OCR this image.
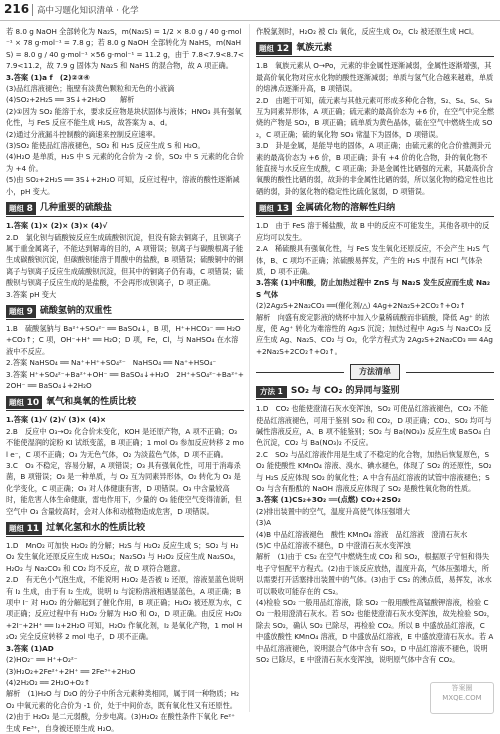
216 高中习题化知识清单 · 化学

若 8.0 g NaOH 全部转化为 Na₂S，m(Na₂S) = 1/2 × 8.0 g / 40 g·mol⁻¹ × 78 g·mol⁻¹ = 7.8 g；若 8.0 g NaOH 全部转化为 NaHS，m(NaHS) = 8.0 g / 40 g·mol⁻¹ ×56 g·mol⁻¹ = 11.2 g，由于 7.8<7.9<8.7<7.9<11.2，故 7.9 g 固体为 Na₂S 和 NaHS 的混合物，故 A 项正确。

3.答案 (1)a f　(2)②③④

(3)品红溶液褪色；瓶壁有淡黄色颗粒和无色的小液滴

(4)SO₂+2H₂S ══ 3S↓+2H₂O　　解析

(2)①因为 SO₂ 能溶于水，要求反应物是块状固体与液体；HNO₃ 具有强氧化性，与 FeS 反应不能生成 H₂S，故答案为 a、d。

(2)通过分液漏斗控制酸的滴速来控制反应速率。

(3)SO₂ 能使品红溶液褪色，SO₂ 和 H₂S 反应生成 S 和 H₂O。

(4)H₂O 是单质，H₂S 中 S 元素的化合价为 -2 价，SO₂ 中 S 元素的化合价为 +4 价。

(5)由 SO₂+2H₂S ══ 3S↓+2H₂O 可知，反应过程中，溶液的酸性逐渐减小，pH 变大。

题组 8 几种重要的硫酸盐

1.答案 (1)× (2)× (3)× (4)√

2.D　氯化钡与硫酸铵反应生成硫酸钡沉淀，但没有除去铜离子，且钡离子属于重金属离子，不能达到解毒的目的，A 项错误；钡离子与碳酸根离子能生成碳酸钡沉淀，但碳酸钡能溶于胃酸中的盐酸，B 项错误；硫酸铜中的铜离子与钡离子反应生成硫酸钡沉淀，但其中的铜离子仍有毒，C 项错误；硫酸钡与钡离子反应生成的是盐酸，不会再形成钡离子，D 项正确。

3.答案 pH 变大

题组 9 硫酸氢钠的双重性

1.B　硫酸氢钠与 Ba²⁺+SO₄²⁻ ══ BaSO₄↓，B 项，H⁺+HCO₃⁻ ══ H₂O+CO₂↑；C 项，OH⁻+H⁺ ══ H₂O；D 项，Fe，Cl，与 NaHSO₄ 在水溶液中不反应。

2.答案 NaHSO₄ ══ Na⁺+H⁺+SO₄²⁻　NaHSO₄ ══ Na⁺+HSO₄⁻

3.答案 H⁺+SO₄²⁻+Ba²⁺+OH⁻ ══ BaSO₄↓+H₂O　2H⁺+SO₄²⁻+Ba²⁺+2OH⁻ ══ BaSO₄↓+2H₂O

题组 10 氧气和臭氧的性质比较

1.答案 (1)√ (2)√ (3)× (4)×

2.B　反应中 O₃→O₂ 化合价未变化，KOH 是还原产物，A 项不正确；O₃ 不能使湿润的淀粉 KI 试纸变蓝，B 项正确；1 mol O₃ 参加反应转移 2 mol e⁻，C 项不正确；O₃ 为无色气体，O₂ 为淡蓝色气体，D 项不正确。

3.C　O₃ 不稳定，容易分解，A 项错误；O₃ 具有强氧化性，可用于消毒杀菌，B 项错误；O₃ 是一种单质，与 O₂ 互为同素异形体，O₂ 转化为 O₃ 是化学变化，C 项正确；O₃ 对人体健康有害，D 项错误。O₃ 中含量较高时，能危害人体生命健康，雷电作用下，少量的 O₃ 能使空气变得清新，但空气中 O₃ 含量较高时，会对人体和动植物造成危害，D 项错误。

题组 11 过氧化氢和水的性质比较

1.D　MnO₂ 可加快 H₂O₂ 的分解；H₂S 与 H₂O₂ 反应生成 S；SO₂ 与 H₂O₂ 发生氧化还原反应生成 H₂SO₄；Na₂SO₃ 与 H₂O₂ 反应生成 Na₂SO₄，H₂O₂ 与 Na₂CO₃ 和 CO₂ 均不反应，故 D 项符合题意。

2.D　有无色小气泡生成，不能说明 H₂O₂ 是否被 I₂ 还原，溶液显蓝色说明有 I₂ 生成，由于有 I₂ 生成，说明 I₂ 与淀粉溶液相遇显蓝色，A 项正确；B 项中 I⁻ 对 H₂O₂ 的分解起到了催化作用，B 项正确；H₂O₂ 被还原为水，C 项正确；反应过程中有 H₂O₂ 分解为 H₂O 和 O₂，D 项正确。由反应 H₂O₂+2I⁻+2H⁺ ══ I₂+2H₂O 可知，H₂O₂ 作氧化剂，I₂ 是氧化产物，1 mol H₂O₂ 完全反应转移 2 mol 电子，D 项不正确。

3.答案 (1)AD

(2)HO₂⁻ ══ H⁺+O₂²⁻

(3)H₂O₂+2Fe²⁺+2H⁺ ══ 2Fe³⁺+2H₂O

(4)2H₂O₂ ══ 2H₂O+O₂↑

解析　(1)H₂O 与 D₂O 的分子中所含元素种类相同，属于同一种物质；H₂O₂ 中氧元素的化合价为 -1 价，处于中间价态，既有氧化性又有还原性。(2)由于 H₂O₂ 是二元弱酸，分步电离。(3)H₂O₂ 在酸性条件下氧化 Fe²⁺ 生成 Fe³⁺，自身被还原生成 H₂O。

作脱氯剂时，H₂O₂ 被 Cl₂ 氧化，反应生成 O₂，Cl₂ 被还原生成 HCl。

题组 12 氧族元素

1.B　氧族元素从 O→Po，元素的非金属性逐渐减弱，金属性逐渐增强，其最高价氧化物对应水化物的酸性逐渐减弱；单质与氢气化合越来越难，单质的熔沸点逐渐升高，B 项错误。

2.D　由题干可知，硫元素与其他元素可形成多种化合物，S₂、S₄、S₆、S₈ 互为同素异形体，A 项正确；硫元素的最高价态为 +6 价，在空气中完全燃烧的产物是 SO₂，B 项正确；硫单质为黄色晶体，硫在空气中燃烧生成 SO₂，C 项正确；硫的氧化物 SO₃ 常温下为固体，D 项错误。

3.D　卦是金属，是能导电的固体，A 项正确；由硫元素的化合价推测卦元素的最高价态为 +6 价，B 项正确；卦有 +4 价的化合物，卦的氧化物不能直接与水反应生成酸，C 项正确；卦是金属性比硒强的元素，其最高价含氧酸的酸性比硒的弱，故卦的非金属性比硒的弱，所以氢化物的稳定性也比硒的弱，卦的氢化物的稳定性比硫化氢弱，D 项错误。

题组 13 金属硫化物的溶解性归纳

1.D　由于 FeS 溶于稀盐酸，故 B 中的反应不可能发生，其他各项中的反应均可以发生。

2.A　稀硫酸具有强氧化性，与 FeS 发生氧化还原反应，不会产生 H₂S 气体，B、C 项均不正确；浓硫酸易挥发，产生的 H₂S 中混有 HCl 气体杂质，D 项不正确。

3.答案 (1)中和酸，防止加热过程中 ZnS 与 Na₂S 发生反应而生成 Na₂S 气体

(2)2Ag₂S+2Na₂CO₃ ══(催化剂/△) 4Ag+2Na₂S+2CO₂↑+O₂↑

解析　向盛有废定影液的烧杯中加入少量稀硫酸而非硫酸，降低 Ag⁺ 的浓度，使 Ag⁺ 转化为难溶性的 Ag₂S 沉淀；加热过程中 Ag₂S 与 Na₂CO₃ 反应生成 Ag、Na₂S、CO₂ 与 O₂，化学方程式为 2Ag₂S+2Na₂CO₃ ══ 4Ag+2Na₂S+2CO₂↑+O₂↑。

方法清单
方法 1 SO₂ 与 CO₂ 的异同与鉴别

1.D　CO₂ 也能使澄清石灰水变浑浊，SO₂ 可使品红溶液褪色，CO₂ 不能使品红溶液褪色，可用于鉴别 SO₂ 和 CO₂，D 项正确；CO₂、SO₂ 均可与碱性溶液反应，A、B 项不能鉴别；SO₂ 与 Ba(NO₃)₂ 反应生成 BaSO₄ 白色沉淀，CO₂ 与 Ba(NO₃)₂ 不反应。

2.C　SO₂ 与品红溶液作用是生成了不稳定的化合物，加热后恢复原色，SO₂ 能使酸性 KMnO₄ 溶液、溴水、碘水褪色，体现了 SO₂ 的还原性，SO₂ 与 H₂S 反应体现 SO₂ 的氧化性；A 中含有品红溶液的试管中溶液褪色；SO₂ 与含有酚酞的 NaOH 溶液反应体现了 SO₂ 是酸性氧化物的性质。

3.答案 (1)CS₂+3O₂ ══(点燃) CO₂+2SO₂

(2)排出装置中的空气，温度升高使气体压强增大

(3)A

(4)B 中品红溶液褪色　酸性 KMnO₄ 溶液　品红溶液　澄清石灰水

(5)C 中品红溶液不褪色，D 中澄清石灰水变浑浊

解析　(1)由于 CS₂ 在空气中燃烧生成 CO₂ 和 SO₂，根据原子守恒和得失电子守恒配平方程式。(2)由于该反应放热，温度升高，气体压强增大，所以需要打开活塞排出装置中的气体。(3)由于 CS₂ 的沸点低，易挥发，冰水可以吸收可能存在的 CS₂。

(4)检验 SO₂ 一般用品红溶液，除 SO₂ 一般用酸性高锰酸钾溶液，检验 CO₂ 一般用澄清石灰水。若 SO₂ 也能使澄清石灰水变浑浊，故先检验 SO₂，除去 SO₂，确认 SO₂ 已除尽，再检验 CO₂。所以 B 中盛放品红溶液，C 中盛放酸性 KMnO₄ 溶液，D 中盛放品红溶液，E 中盛放澄清石灰水。若 A 中品红溶液褪色，说明混合气体中含有 SO₂，D 中品红溶液不褪色，说明 SO₂ 已除尽，E 中澄清石灰水变浑浊，说明原气体中含有 CO₂。

答案圈
MXQE.COM
